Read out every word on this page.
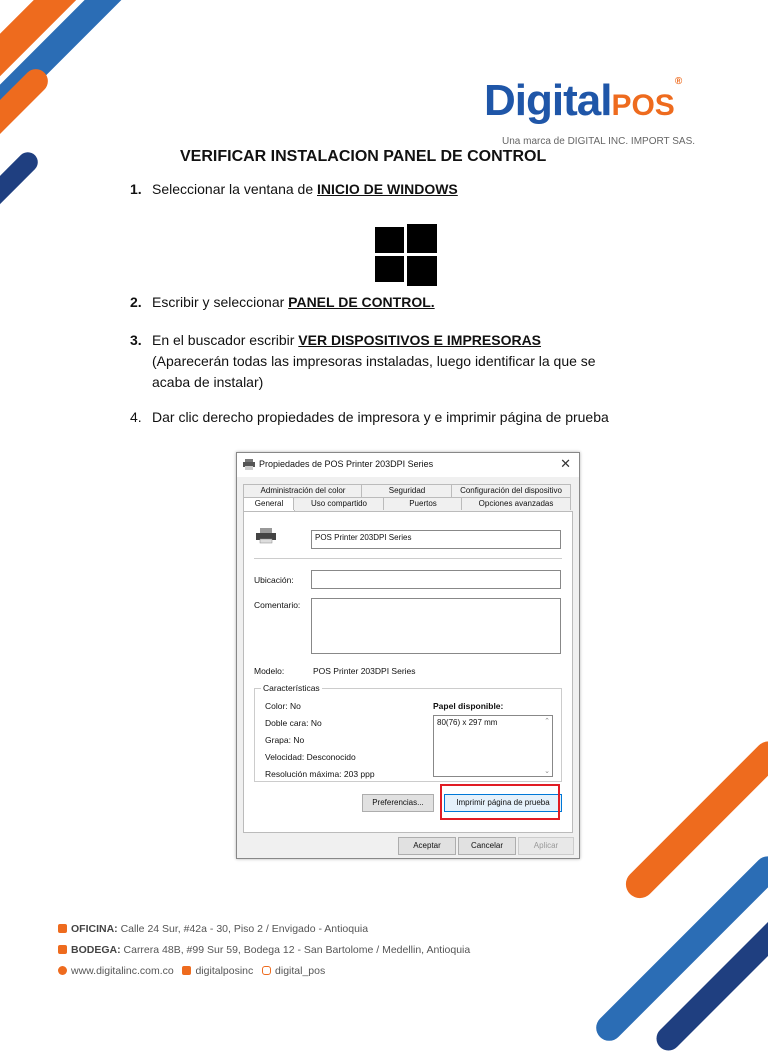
DigitalPOS®
Una marca de DIGITAL INC. IMPORT SAS.
VERIFICAR INSTALACION PANEL DE CONTROL
1. Seleccionar la ventana de INICIO DE WINDOWS
2. Escribir y seleccionar PANEL DE CONTROL.
3. En el buscador escribir VER DISPOSITIVOS E IMPRESORAS
(Aparecerán todas las impresoras instaladas, luego identificar la que se
acaba de instalar)
4. Dar clic derecho propiedades de impresora y e imprimir página de prueba
Propiedades de POS Printer 203DPI Series	✕
Administración del color	Seguridad	Configuración del dispositivo
General	Uso compartido	Puertos	Opciones avanzadas
POS Printer 203DPI Series
Ubicación:
Comentario:
Modelo:	POS Printer 203DPI Series
Características
Color: No
Doble cara: No
Grapa: No
Velocidad: Desconocido
Resolución máxima: 203 ppp
Papel disponible:
80(76) x 297 mm	⌃
⌄
Preferencias...	Imprimir página de prueba
Aceptar	Cancelar	Aplicar
OFICINA: Calle 24 Sur, #42a - 30, Piso 2 / Envigado - Antioquia
BODEGA: Carrera 48B, #99 Sur 59, Bodega 12 - San Bartolome / Medellin, Antioquia
www.digitalinc.com.co digitalposinc digital_pos
